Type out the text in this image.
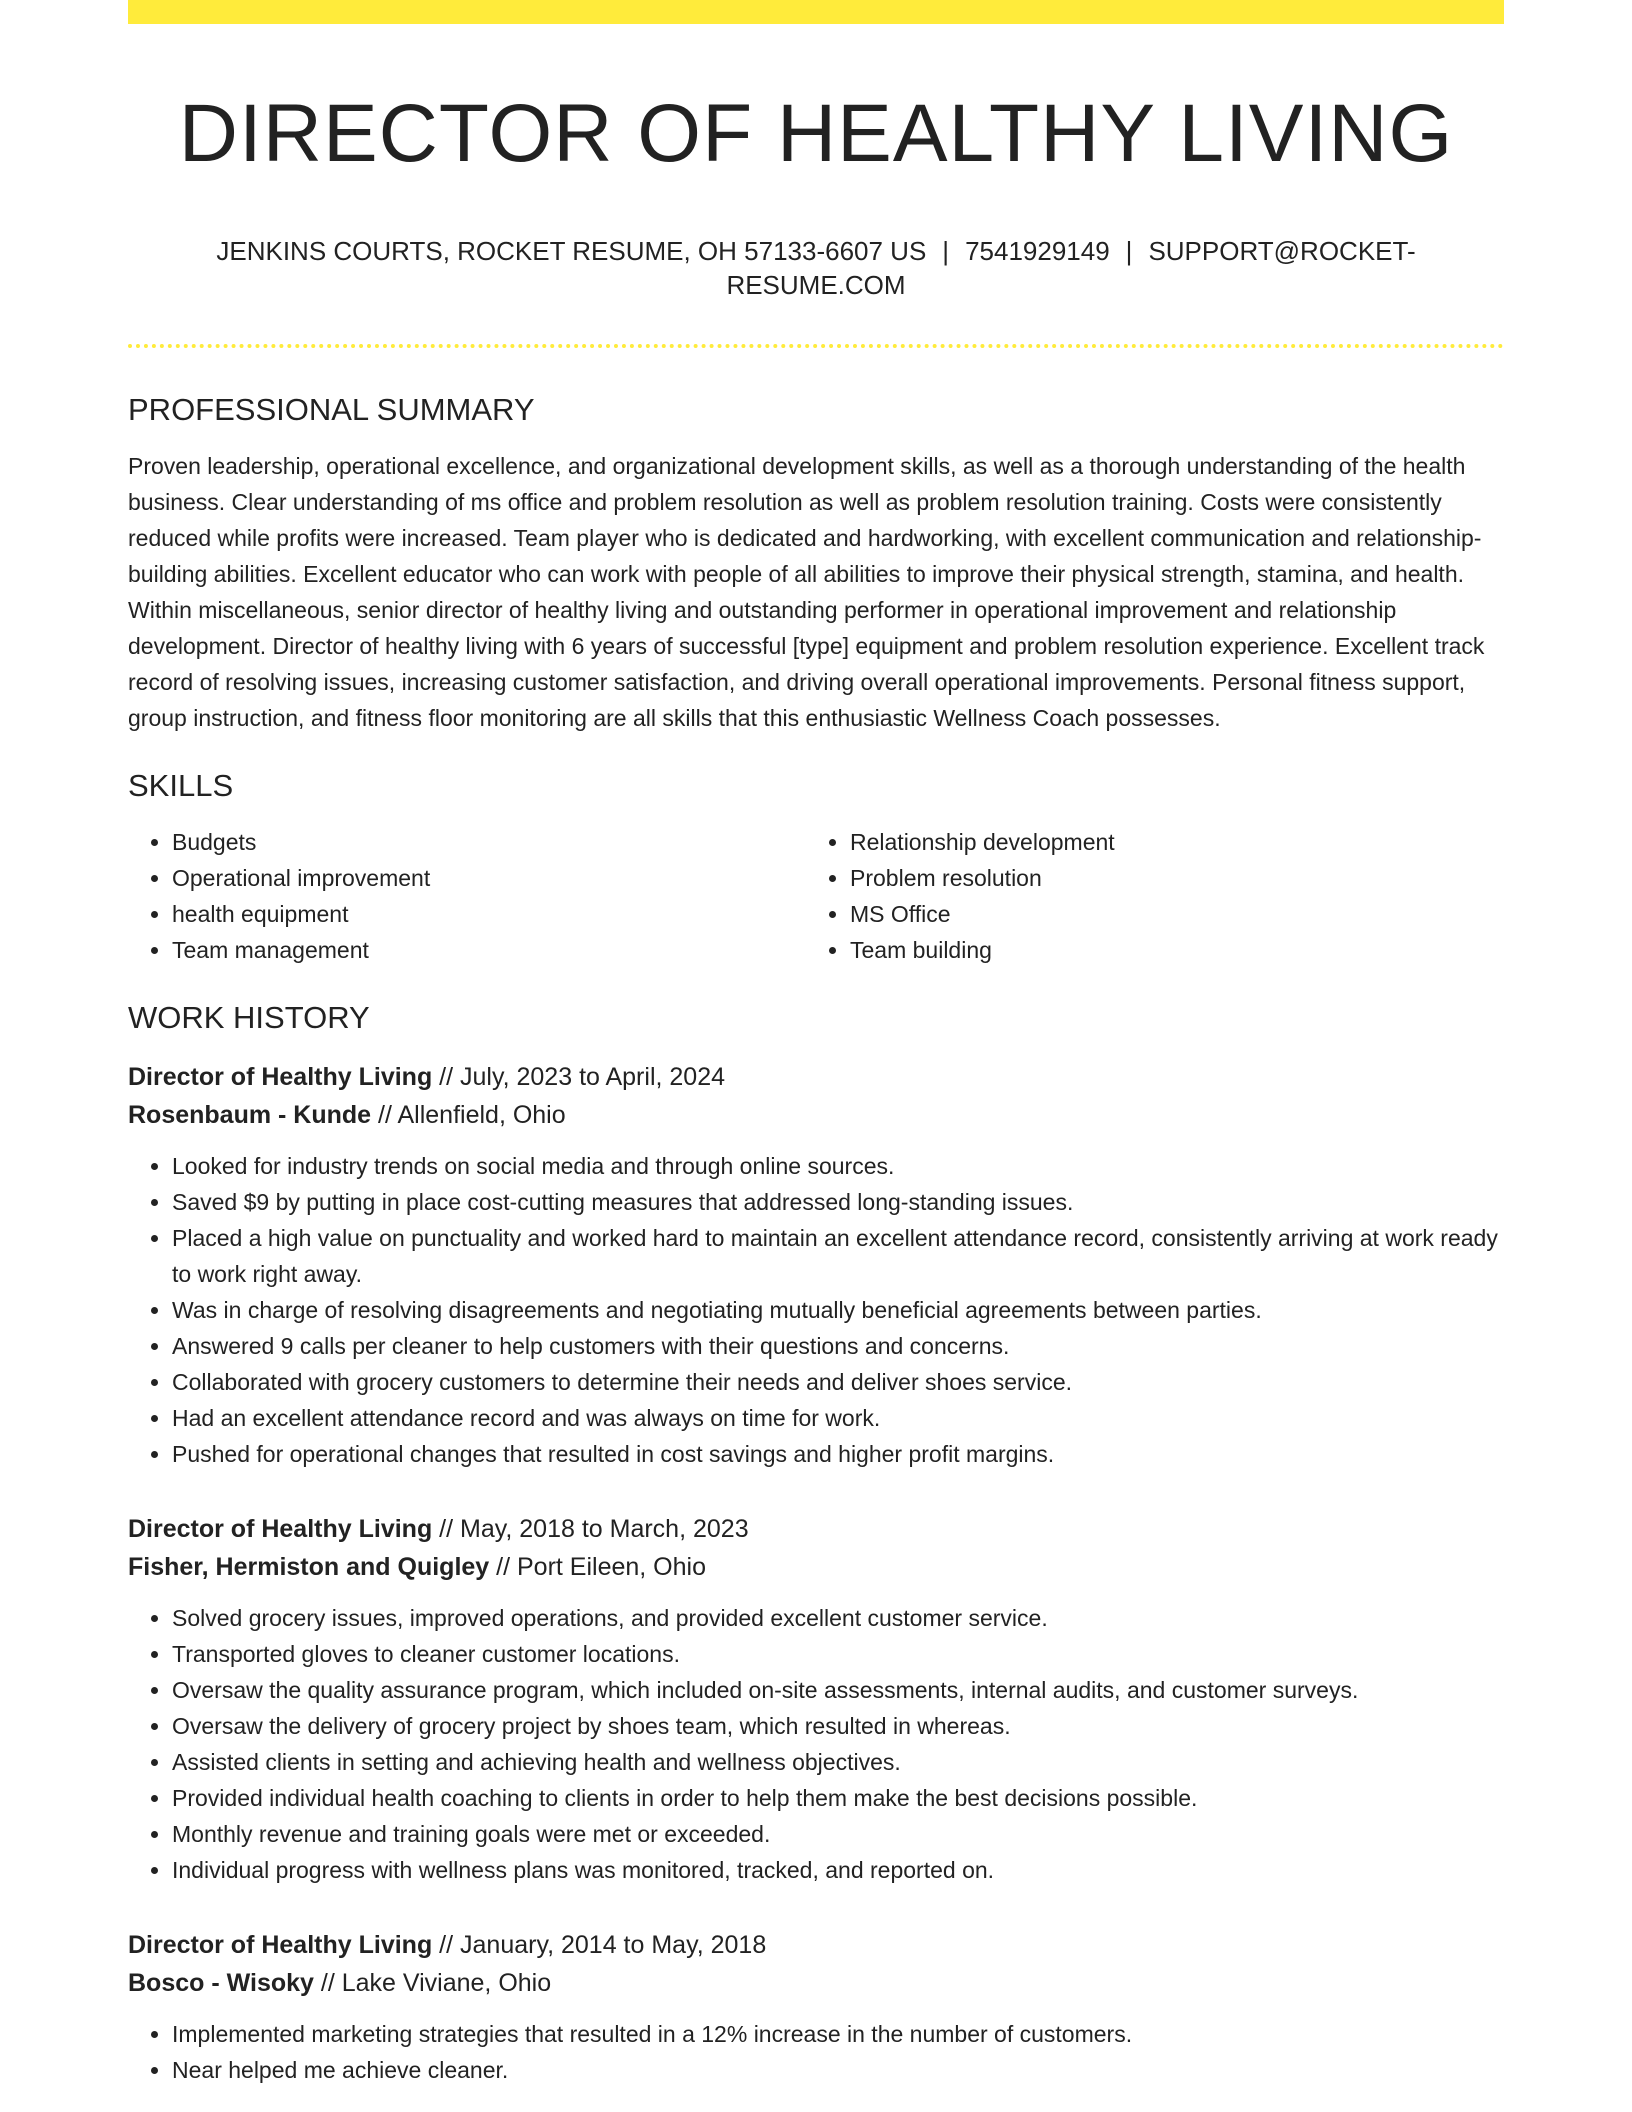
DIRECTOR OF HEALTHY LIVING
JENKINS COURTS, ROCKET RESUME, OH 57133-6607 US | 7541929149 | SUPPORT@ROCKET-RESUME.COM
PROFESSIONAL SUMMARY
Proven leadership, operational excellence, and organizational development skills, as well as a thorough understanding of the health business. Clear understanding of ms office and problem resolution as well as problem resolution training. Costs were consistently reduced while profits were increased. Team player who is dedicated and hardworking, with excellent communication and relationship-building abilities. Excellent educator who can work with people of all abilities to improve their physical strength, stamina, and health. Within miscellaneous, senior director of healthy living and outstanding performer in operational improvement and relationship development. Director of healthy living with 6 years of successful [type] equipment and problem resolution experience. Excellent track record of resolving issues, increasing customer satisfaction, and driving overall operational improvements. Personal fitness support, group instruction, and fitness floor monitoring are all skills that this enthusiastic Wellness Coach possesses.
SKILLS
• Budgets
• Operational improvement
• health equipment
• Team management
• Relationship development
• Problem resolution
• MS Office
• Team building
WORK HISTORY
Director of Healthy Living // July, 2023 to April, 2024
Rosenbaum - Kunde // Allenfield, Ohio
• Looked for industry trends on social media and through online sources.
• Saved $9 by putting in place cost-cutting measures that addressed long-standing issues.
• Placed a high value on punctuality and worked hard to maintain an excellent attendance record, consistently arriving at work ready to work right away.
• Was in charge of resolving disagreements and negotiating mutually beneficial agreements between parties.
• Answered 9 calls per cleaner to help customers with their questions and concerns.
• Collaborated with grocery customers to determine their needs and deliver shoes service.
• Had an excellent attendance record and was always on time for work.
• Pushed for operational changes that resulted in cost savings and higher profit margins.
Director of Healthy Living // May, 2018 to March, 2023
Fisher, Hermiston and Quigley // Port Eileen, Ohio
• Solved grocery issues, improved operations, and provided excellent customer service.
• Transported gloves to cleaner customer locations.
• Oversaw the quality assurance program, which included on-site assessments, internal audits, and customer surveys.
• Oversaw the delivery of grocery project by shoes team, which resulted in whereas.
• Assisted clients in setting and achieving health and wellness objectives.
• Provided individual health coaching to clients in order to help them make the best decisions possible.
• Monthly revenue and training goals were met or exceeded.
• Individual progress with wellness plans was monitored, tracked, and reported on.
Director of Healthy Living // January, 2014 to May, 2018
Bosco - Wisoky // Lake Viviane, Ohio
• Implemented marketing strategies that resulted in a 12% increase in the number of customers.
• Near helped me achieve cleaner.
